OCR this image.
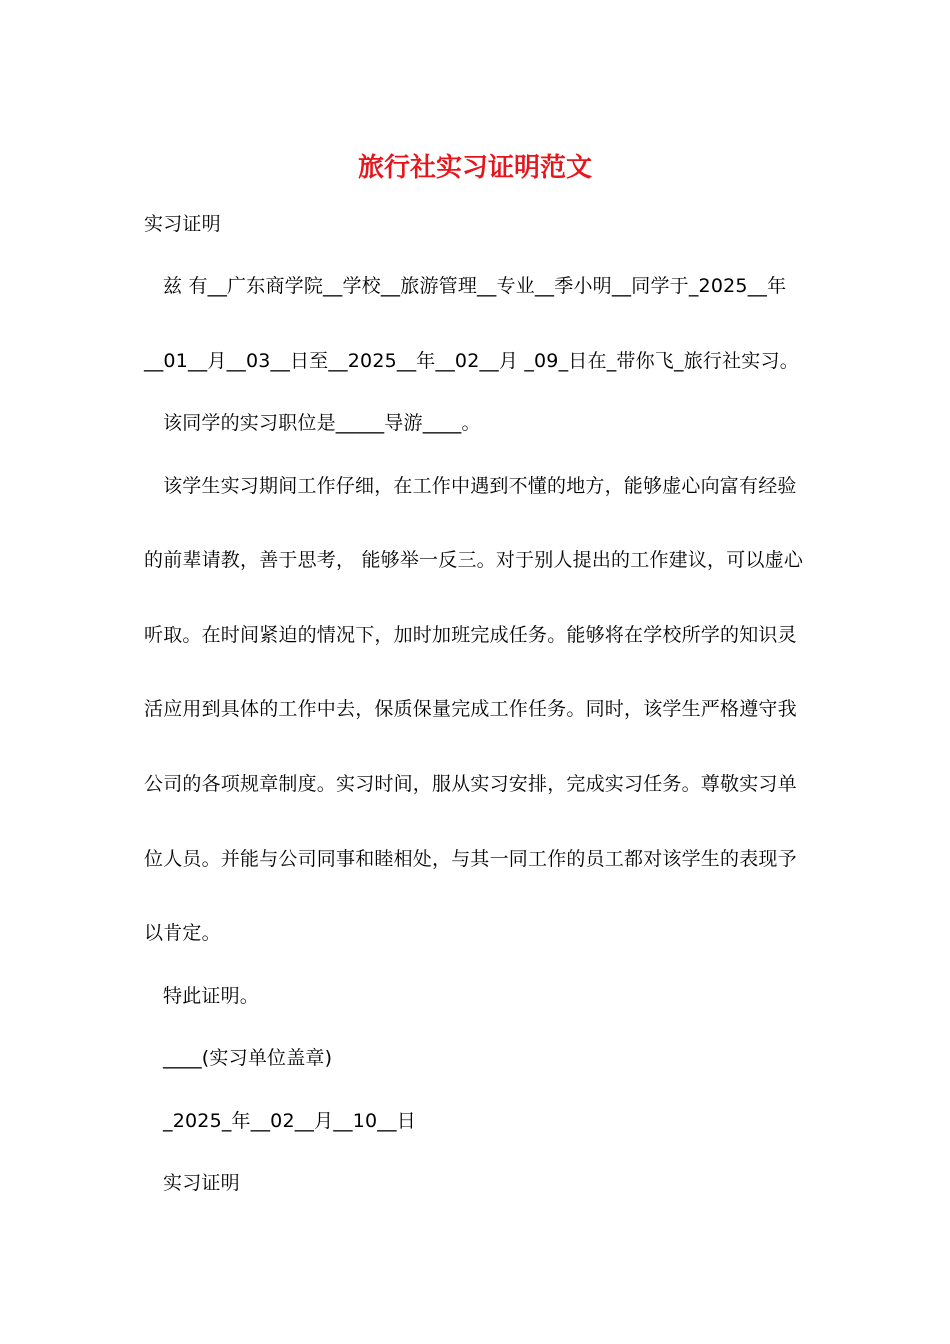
旅行社实习证明范文
实习证明
兹 有__广东商学院__学校__旅游管理__专业__季小明__同学于_2025__年
__01__月__03__日至__2025__年__02__月 _09_日在_带你飞_旅行社实习。
该同学的实习职位是_____导游____。
该学生实习期间工作仔细，在工作中遇到不懂的地方，能够虚心向富有经验
的前辈请教，善于思考， 能够举一反三。对于别人提出的工作建议，可以虚心
听取。在时间紧迫的情况下，加时加班完成任务。能够将在学校所学的知识灵
活应用到具体的工作中去，保质保量完成工作任务。同时，该学生严格遵守我
公司的各项规章制度。实习时间，服从实习安排，完成实习任务。尊敬实习单
位人员。并能与公司同事和睦相处，与其一同工作的员工都对该学生的表现予
以肯定。
特此证明。
____(实习单位盖章)
_2025_年__02__月__10__日
实习证明
